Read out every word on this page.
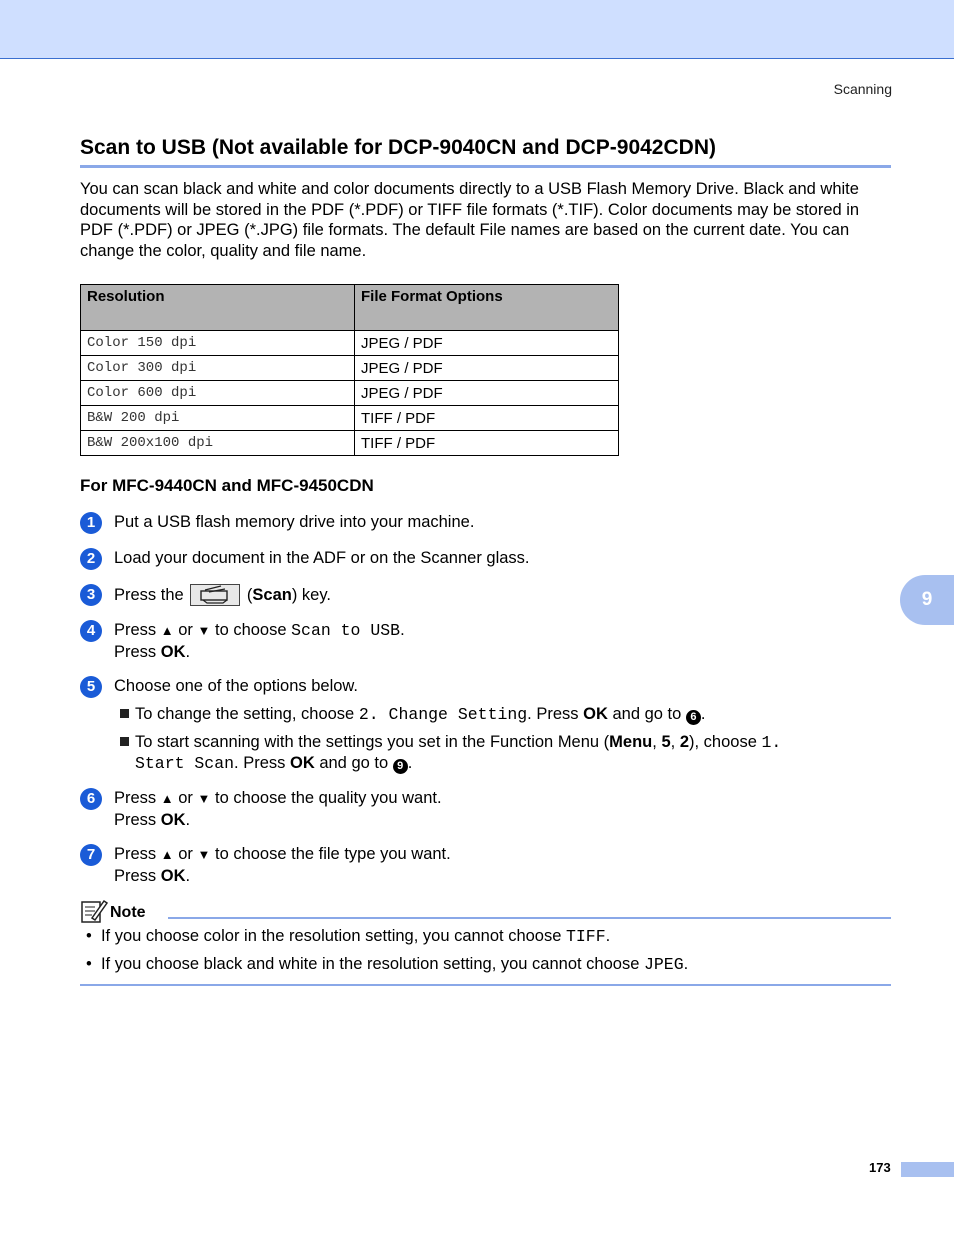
Scanning
Scan to USB (Not available for DCP-9040CN and DCP-9042CDN)

You can scan black and white and color documents directly to a USB Flash Memory Drive. Black and white documents will be stored in the PDF (*.PDF) or TIFF file formats (*.TIF). Color documents may be stored in PDF (*.PDF) or JPEG (*.JPG) file formats. The default File names are based on the current date. You can change the color, quality and file name.

Resolution	File Format Options
Color 150 dpi	JPEG / PDF
Color 300 dpi	JPEG / PDF
Color 600 dpi	JPEG / PDF
B&W 200 dpi	TIFF / PDF
B&W 200x100 dpi	TIFF / PDF
For MFC-9440CN and MFC-9450CDN
1	Put a USB flash memory drive into your machine.
2	Load your document in the ADF or on the Scanner glass.
3	Press the	(Scan) key.
4	Press ▲ or ▼ to choose Scan to USB.
Press OK.
5	Choose one of the options below.
To change the setting, choose 2. Change Setting. Press OK and go to 6 .
To start scanning with the settings you set in the Function Menu (Menu, 5, 2), choose 1.
Start Scan. Press OK and go to 9 .
6	Press ▲ or ▼ to choose the quality you want.
Press OK.
7	Press ▲ or ▼ to choose the file type you want.
Press OK.
9
Note
• If you choose color in the resolution setting, you cannot choose TIFF.
• If you choose black and white in the resolution setting, you cannot choose JPEG.
173
